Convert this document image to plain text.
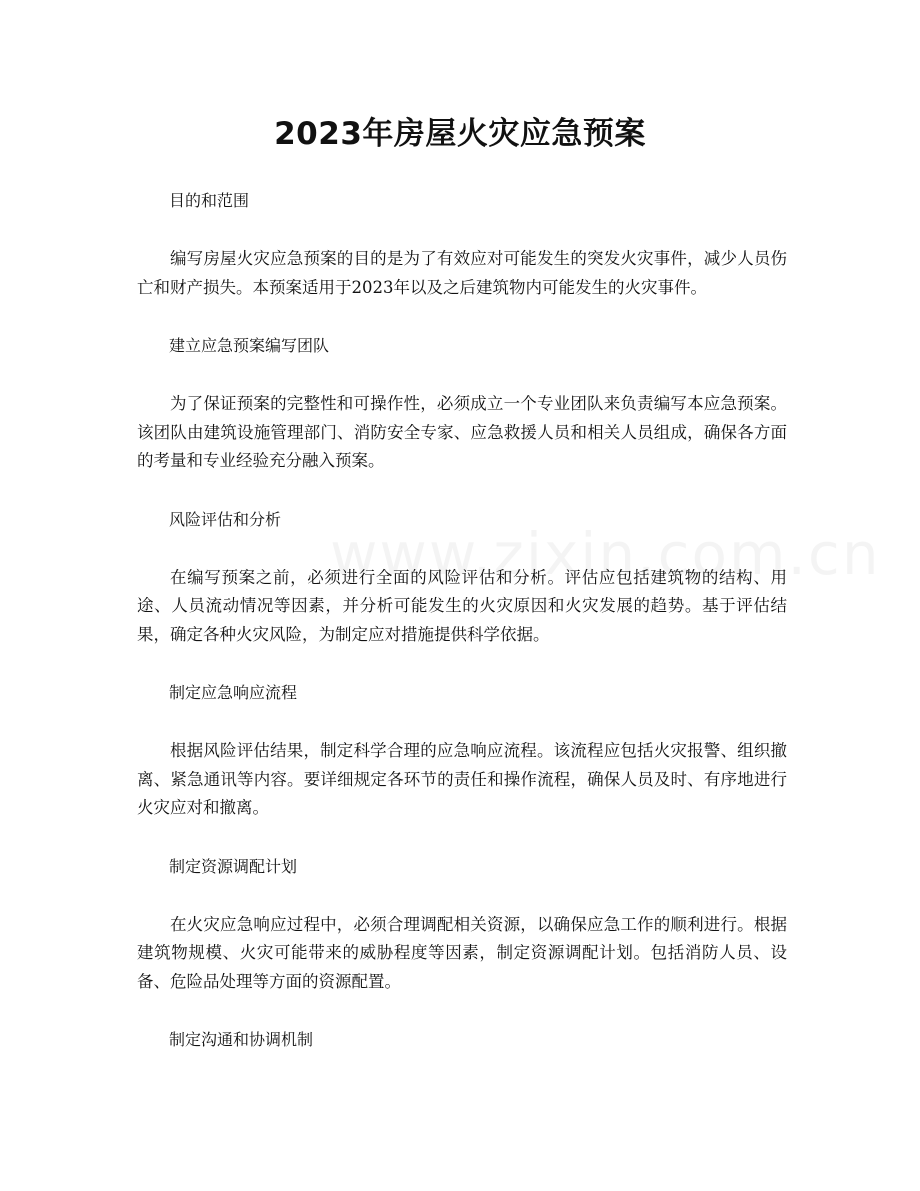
2023年房屋火灾应急预案

目的和范围

编写房屋火灾应急预案的目的是为了有效应对可能发生的突发火灾事件，减少人员伤亡和财产损失。本预案适用于2023年以及之后建筑物内可能发生的火灾事件。

建立应急预案编写团队

为了保证预案的完整性和可操作性，必须成立一个专业团队来负责编写本应急预案。该团队由建筑设施管理部门、消防安全专家、应急救援人员和相关人员组成，确保各方面的考量和专业经验充分融入预案。

风险评估和分析

在编写预案之前，必须进行全面的风险评估和分析。评估应包括建筑物的结构、用途、人员流动情况等因素，并分析可能发生的火灾原因和火灾发展的趋势。基于评估结果，确定各种火灾风险，为制定应对措施提供科学依据。

制定应急响应流程

根据风险评估结果，制定科学合理的应急响应流程。该流程应包括火灾报警、组织撤离、紧急通讯等内容。要详细规定各环节的责任和操作流程，确保人员及时、有序地进行火灾应对和撤离。

制定资源调配计划

在火灾应急响应过程中，必须合理调配相关资源，以确保应急工作的顺利进行。根据建筑物规模、火灾可能带来的威胁程度等因素，制定资源调配计划。包括消防人员、设备、危险品处理等方面的资源配置。

制定沟通和协调机制
